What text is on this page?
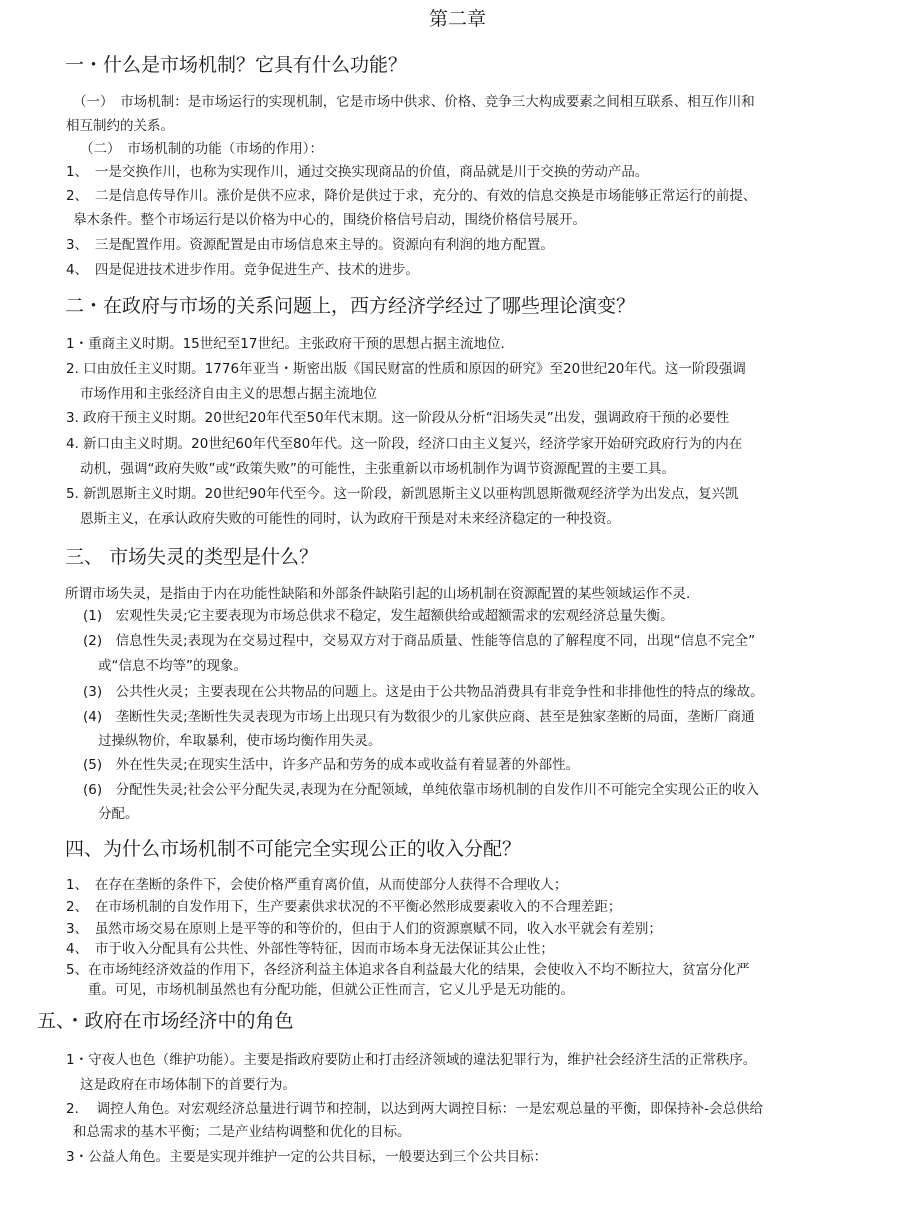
第二章
一・什么是市场机制？它具有什么功能？
（一）　市场机制：是市场运行的实现机制，它是市场中供求、价格、竞争三大构成要素之间相互联系、相互作川和
相互制约的关系。
（二）　市场机制的功能（市场的作用）：
1、　一是交换作川，也称为实现作川，通过交换实现商品的价值，商品就是川于交换的劳动产品。
2、　二是信息传导作川。涨价是供不应求，降价是供过于求，充分的、有效的信息交换是市场能够正常运行的前提、
皋木条件。整个市场运行是以价格为中心的，围绕价格信号启动，围绕价格信号展开。
3、　三是配置作用。资源配置是由市场信息來主导的。资源向有利润的地方配置。
4、　四是促进技术进步作用。竞争促进生产、技术的进步。
二・在政府与市场的关系问题上，西方经济学经过了哪些理论演变？
1・重商主义时期。15世纪至17世纪。主张政府干预的思想占据主流地位.
2. 口由放任主义时期。1776年亚当・斯密出版《国民财富的性质和原因的研究》至20世纪20年代。这一阶段强调
市场作用和主张经济自由主义的思想占据主流地位
3. 政府干预主义时期。20世纪20年代至50年代末期。这一阶段从分析“汨场失灵”出发，强调政府干预的必要性
4. 新口由主义时期。20世纪60年代至80年代。这一阶段，经济口由主义复兴，经济学家开始研究政府行为的内在
动机，强调“政府失败”或“政策失败”的可能性，主张重新以市场机制作为调节资源配置的主要工具。
5. 新凯恩斯主义时期。20世纪90年代至今。这一阶段，新凯恩斯主义以亜构凯恩斯微观经济学为出发点，复兴凯
恩斯主义，在承认政府失败的可能性的同时，认为政府干预是对未来经济稳定的一种投资。
三、 市场失灵的类型是什么？
所谓市场失灵，是指由于内在功能性缺陷和外部条件缺陷引起的山场机制在资源配置的某些领域运作不灵.
(1)　宏观性失灵;它主要表现为市场总供求不稳定，发生超额供给或超额需求的宏观经济总量失衡。
(2)　信息性失灵;表现为在交易过程中，交易双方对于商品质量、性能等信息的了解程度不同，出现“信息不完全”
或“信息不均等”的现象。
(3)　公共性火灵；主要表现在公共物品的问题上。这是由于公共物品消费具有非竞争性和非排他性的特点的缘故。
(4)　垄断性失灵;垄断性失灵表现为市场上出现只有为数很少的儿家供应商、甚至是独家垄断的局面，垄断厂商通
过操纵物价，牟取暴利，使市场均衡作用失灵。
(5)　外在性失灵;在现实生活中，许多产品和劳务的成本或收益有着显著的外部性。
(6)　分配性失灵;社会公平分配失灵,表现为在分配领域，单纯依靠市场机制的自发作川不可能完全实现公正的收入
分配。
四、为什么市场机制不可能完全实现公正的收入分配？
1、　在存在垄断的条件下，会使价格严重育离价值，从而使部分人获得不合理收人；
2、　在市场机制的自发作用下，生产要素供求状况的不平衡必然形成要素收入的不合理差距；
3、　虽然市场交易在原则上是平等的和等价的，但由于人们的资源禀赋不同，收入水平就会有差别；
4、　市于收入分配具有公共性、外部性等特征，因而市场本身无法保证其公止性；
5、在市场纯经济效益的作用下，各经济利益主体追求各自利益最大化的结果，会使收入不均不断拉大，贫富分化严
重。可见，市场机制虽然也有分配功能，但就公正性而言，它乂儿乎是无功能的。
五、・政府在市场经济中的角色
1・守夜人也色（维护功能）。主要是指政府要防止和打击经济领域的違法犯罪行为，维护社会经济生活的正常秩序。
这是政府在市场体制下的首要行为。
2.　 调控人角色。对宏观经济总量进行调节和控制，以达到两大调控目标：一是宏观总量的平衡，即保持补-会总供给
和总需求的基木平衡；二是产业结构调整和优化的目标。
3・公益人角色。主要是实现并维护一定的公共目标，一般要达到三个公共目标：
